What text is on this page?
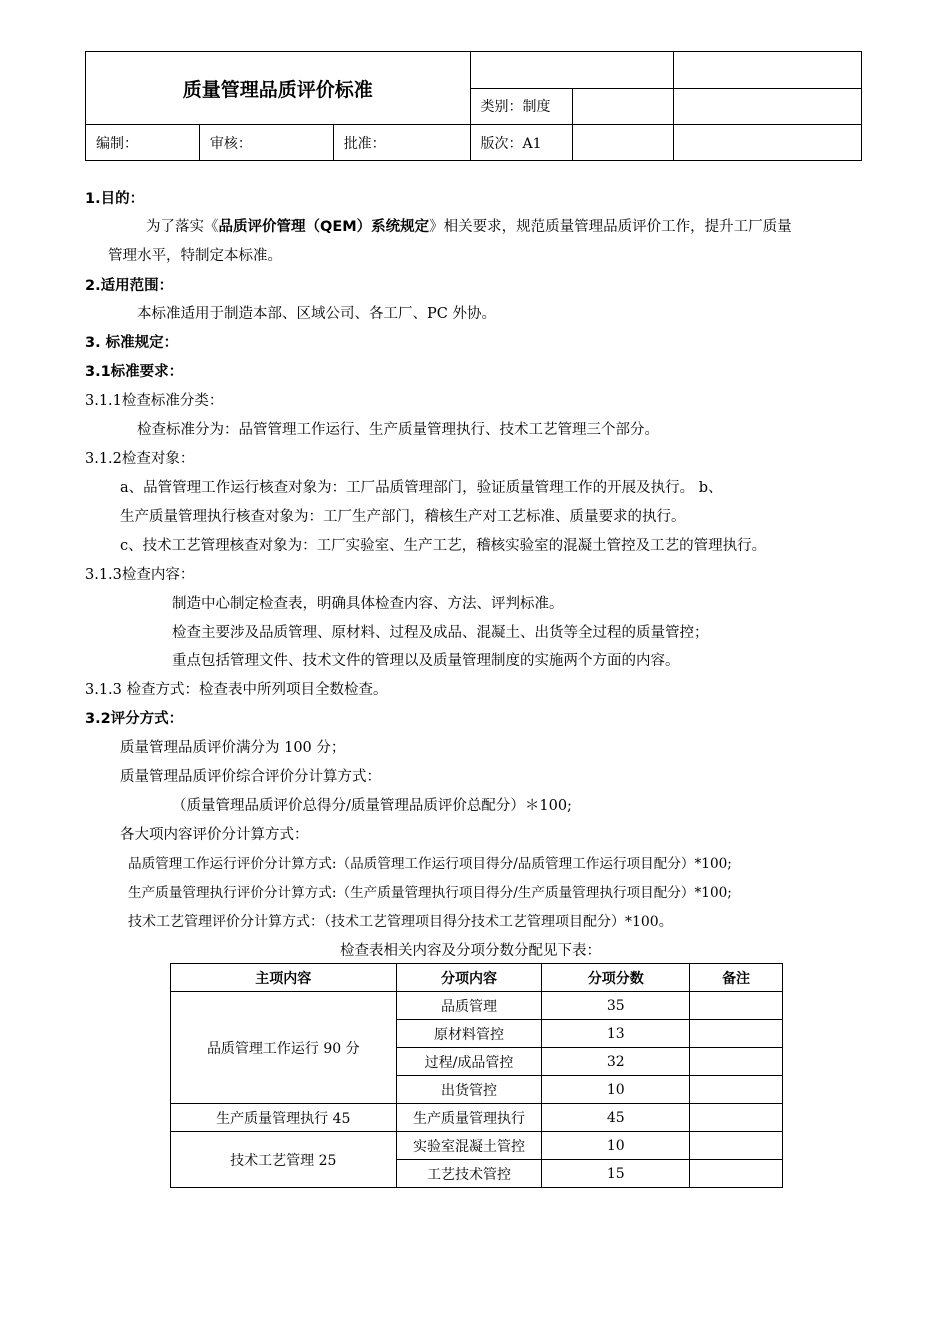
质量管理品质评价标准					
			类别：制度		
编制：	审核：	批准：	版次：A1		
1.目的：
为了落实《品质评价管理（QEM）系统规定》相关要求，规范质量管理品质评价工作，提升工厂质量
管理水平，特制定本标准。
2.适用范围：
本标准适用于制造本部、区域公司、各工厂、PC 外协。
3. 标准规定：
3.1标准要求：
3.1.1检查标准分类：
检查标准分为：品管管理工作运行、生产质量管理执行、技术工艺管理三个部分。
3.1.2检查对象：
a、品管管理工作运行核查对象为：工厂品质管理部门，验证质量管理工作的开展及执行。 b、
生产质量管理执行核查对象为：工厂生产部门，稽核生产对工艺标准、质量要求的执行。
c、技术工艺管理核查对象为：工厂实验室、生产工艺，稽核实验室的混凝土管控及工艺的管理执行。
3.1.3检查内容：
制造中心制定检查表，明确具体检查内容、方法、评判标准。
检查主要涉及品质管理、原材料、过程及成品、混凝土、出货等全过程的质量管控；
重点包括管理文件、技术文件的管理以及质量管理制度的实施两个方面的内容。
3.1.3 检查方式：检查表中所列项目全数检查。
3.2评分方式：
质量管理品质评价满分为 100 分；
质量管理品质评价综合评价分计算方式：
（质量管理品质评价总得分/质量管理品质评价总配分）＊100;
各大项内容评价分计算方式：
品质管理工作运行评价分计算方式:（品质管理工作运行项目得分/品质管理工作运行项目配分）*100;
生产质量管理执行评价分计算方式:（生产质量管理执行项目得分/生产质量管理执行项目配分）*100;
技术工艺管理评价分计算方式：（技术工艺管理项目得分技术工艺管理项目配分）*100。
检查表相关内容及分项分数分配见下表：
主项内容	分项内容	分项分数	备注
品质管理工作运行 90 分	品质管理	35	
	原材料管控	13	
	过程/成品管控	32	
	出货管控	10	
生产质量管理执行 45	生产质量管理执行	45	
技术工艺管理 25	实验室混凝土管控	10	
	工艺技术管控	15	
